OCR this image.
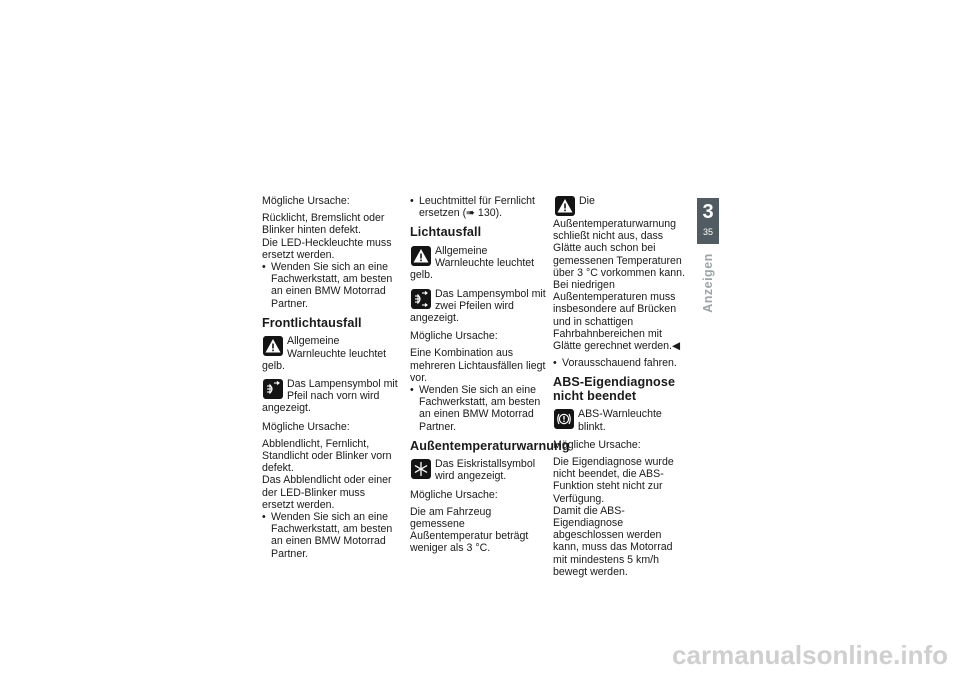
Mögliche Ursache:

Rücklicht, Bremslicht oder Blinker hinten defekt.

Die LED-Heckleuchte muss ersetzt werden.

• Wenden Sie sich an eine Fachwerkstatt, am besten an einen BMW Motorrad Partner.
Frontlichtausfall
Allgemeine Warnleuchte leuchtet gelb.
Das Lampensymbol mit Pfeil nach vorn wird angezeigt.

Mögliche Ursache:

Abblendlicht, Fernlicht, Standlicht oder Blinker vorn defekt.

Das Abblendlicht oder einer der LED-Blinker muss ersetzt werden.

• Wenden Sie sich an eine Fachwerkstatt, am besten an einen BMW Motorrad Partner.
• Leuchtmittel für Fernlicht ersetzen (➠ 130).
Lichtausfall
Allgemeine Warnleuchte leuchtet gelb.
Das Lampensymbol mit zwei Pfeilen wird angezeigt.

Mögliche Ursache:

Eine Kombination aus mehreren Lichtausfällen liegt vor.

• Wenden Sie sich an eine Fachwerkstatt, am besten an einen BMW Motorrad Partner.
Außentemperaturwarnung
Das Eiskristallsymbol wird angezeigt.

Mögliche Ursache:

Die am Fahrzeug gemessene Außentemperatur beträgt weniger als 3 °C.

Die Außentemperaturwarnung schließt nicht aus, dass Glätte auch schon bei gemessenen Temperaturen über 3 °C vorkommen kann.

Bei niedrigen Außentemperaturen muss insbesondere auf Brücken und in schattigen Fahrbahnbereichen mit Glätte gerechnet werden.◀

• Vorausschauend fahren.
ABS-Eigendiagnose nicht beendet
ABS-Warnleuchte blinkt.

Mögliche Ursache:

Die Eigendiagnose wurde nicht beendet, die ABS-Funktion steht nicht zur Verfügung.

Damit die ABS-Eigendiagnose abgeschlossen werden kann, muss das Motorrad mit mindestens 5 km/h bewegt werden.

3
35
Anzeigen
carmanualsonline.info
